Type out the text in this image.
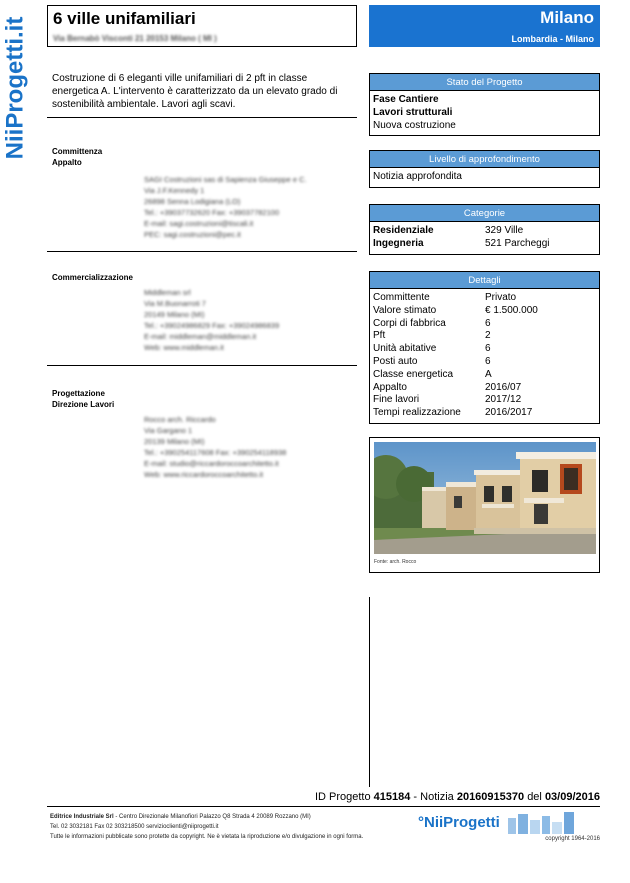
NiiProgetti.it 6 ville unifamiliari
Via Bernabò Visconti 21 20153 Milano ( MI )
Milano
Lombardia - Milano
Costruzione di 6 eleganti ville unifamiliari di 2 pft in classe energetica A. L'intervento è caratterizzato da un elevato grado di sostenibilità ambientale. Lavori agli scavi.
Committenza
Appalto
SAGI Costruzioni sas di Sapienza Giuseppe e C.
Via J.F.Kennedy 1
26898 Senna Lodigiana (LO)
Tel.: +39037732620 Fax: +39037782100
E-mail: sagi.costruzioni@tiscali.it
PEC: sagi.costruzioni@pec.it
Commercializzazione
Middleman srl
Via M.Buonarroti 7
20149 Milano (MI)
Tel.: +39024986829 Fax: +39024986839
E-mail: middleman@middleman.it
Web: www.middleman.it
Progettazione
Direzione Lavori
Rocco arch. Riccardo
Via Gargano 1
20139 Milano (MI)
Tel.: +390254117608 Fax: +390254118938
E-mail: studio@riccardoroccoarchitetto.it
Web: www.riccardoroccoarchitetto.it
Stato del Progetto
Fase Cantiere
Lavori strutturali
Nuova costruzione
Livello di approfondimento
Notizia approfondita
Categorie
Residenziale	329 Ville
Ingegneria	521 Parcheggi
Dettagli
Committente	Privato
Valore stimato	€ 1.500.000
Corpi di fabbrica	6
Pft	2
Unità abitative	6
Posti auto	6
Classe energetica	A
Appalto	2016/07
Fine lavori	2017/12
Tempi realizzazione	2016/2017
Fonte: arch. Rocco
ID Progetto 415184 - Notizia 20160915370 del 03/09/2016
Editrice Industriale Srl - Centro Direzionale Milanofiori Palazzo Q8 Strada 4 20089 Rozzano (MI)
Tel. 02 3032181 Fax 02 303218500 servizioclienti@niiprogetti.it
Tutte le informazioni pubblicate sono protette da copyright. Ne è vietata la riproduzione e/o divulgazione in ogni forma.
°NiiProgetti
copyright 1964-2016
